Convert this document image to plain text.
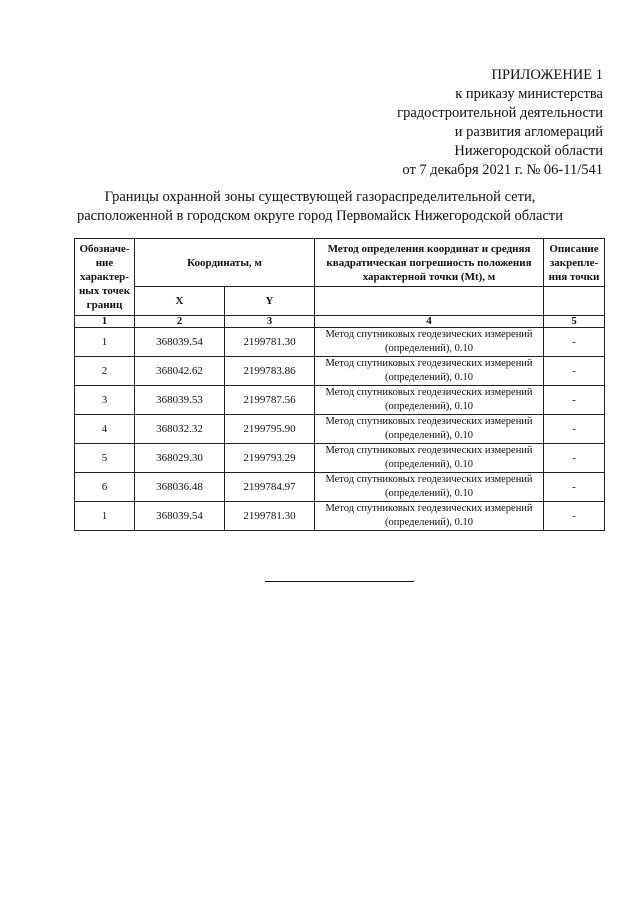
ПРИЛОЖЕНИЕ 1
к приказу министерства
градостроительной деятельности
и развития агломераций
Нижегородской области
от 7 декабря 2021 г. № 06-11/541
Границы охранной зоны существующей газораспределительной сети,
расположенной в городском округе город Первомайск Нижегородской области
Обозначе-ние характер-ных точек границ	Координаты, м		Метод определения координат и средняя квадратическая погрешность положения характерной точки (Mt), м	Описание закрепле-ния точки
	X	Y		
1	2	3	4	5
1	368039.54	2199781.30	Метод спутниковых геодезических измерений (определений), 0.10	-
2	368042.62	2199783.86	Метод спутниковых геодезических измерений (определений), 0.10	-
3	368039.53	2199787.56	Метод спутниковых геодезических измерений (определений), 0.10	-
4	368032.32	2199795.90	Метод спутниковых геодезических измерений (определений), 0.10	-
5	368029.30	2199793.29	Метод спутниковых геодезических измерений (определений), 0.10	-
6	368036.48	2199784.97	Метод спутниковых геодезических измерений (определений), 0.10	-
1	368039.54	2199781.30	Метод спутниковых геодезических измерений (определений), 0.10	-
